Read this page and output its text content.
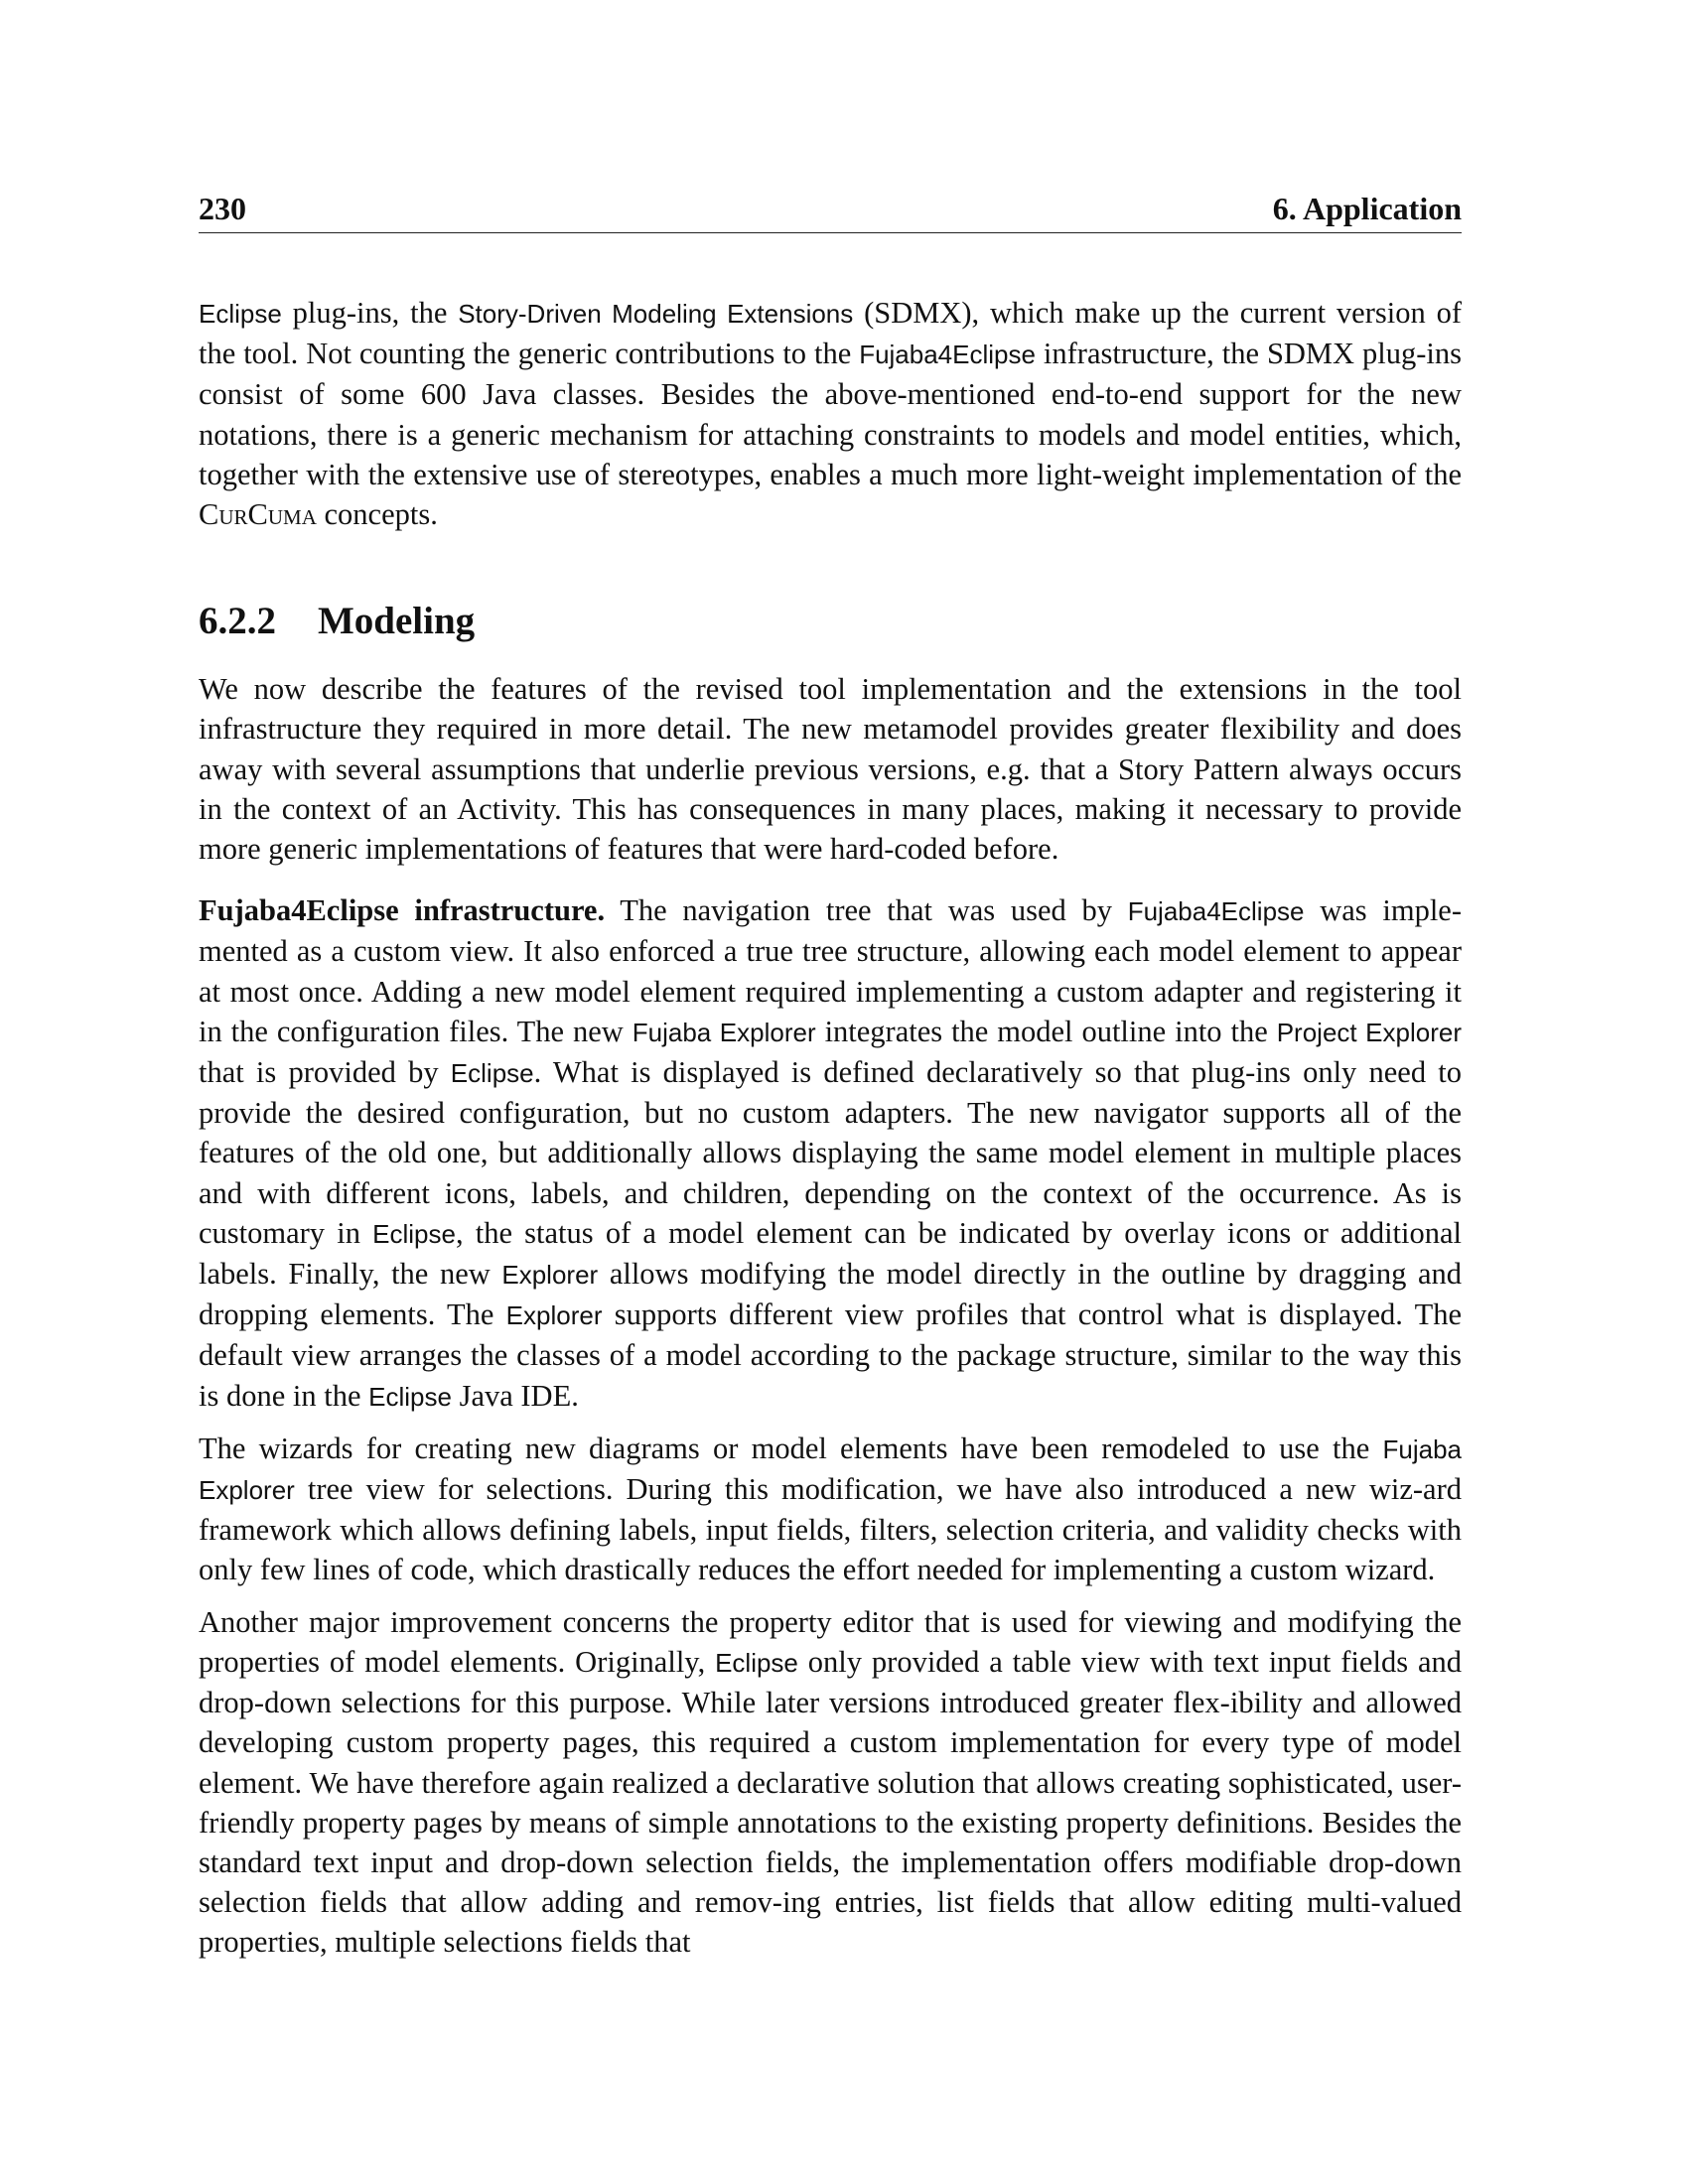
230	6. Application

Eclipse plug-ins, the Story-Driven Modeling Extensions (SDMX), which make up the current version of the tool. Not counting the generic contributions to the Fujaba4Eclipse infrastructure, the SDMX plug-ins consist of some 600 Java classes. Besides the above-mentioned end-to-end support for the new notations, there is a generic mechanism for attaching constraints to models and model entities, which, together with the extensive use of stereotypes, enables a much more light-weight implementation of the CurCuma concepts.

6.2.2 Modeling

We now describe the features of the revised tool implementation and the extensions in the tool infrastructure they required in more detail. The new metamodel provides greater flexibility and does away with several assumptions that underlie previous versions, e.g. that a Story Pattern always occurs in the context of an Activity. This has consequences in many places, making it necessary to provide more generic implementations of features that were hard-coded before.

Fujaba4Eclipse infrastructure. The navigation tree that was used by Fujaba4Eclipse was imple-mented as a custom view. It also enforced a true tree structure, allowing each model element to appear at most once. Adding a new model element required implementing a custom adapter and registering it in the configuration files. The new Fujaba Explorer integrates the model outline into the Project Explorer that is provided by Eclipse. What is displayed is defined declaratively so that plug-ins only need to provide the desired configuration, but no custom adapters. The new navigator supports all of the features of the old one, but additionally allows displaying the same model element in multiple places and with different icons, labels, and children, depending on the context of the occurrence. As is customary in Eclipse, the status of a model element can be indicated by overlay icons or additional labels. Finally, the new Explorer allows modifying the model directly in the outline by dragging and dropping elements. The Explorer supports different view profiles that control what is displayed. The default view arranges the classes of a model according to the package structure, similar to the way this is done in the Eclipse Java IDE.

The wizards for creating new diagrams or model elements have been remodeled to use the Fujaba Explorer tree view for selections. During this modification, we have also introduced a new wiz-ard framework which allows defining labels, input fields, filters, selection criteria, and validity checks with only few lines of code, which drastically reduces the effort needed for implementing a custom wizard.

Another major improvement concerns the property editor that is used for viewing and modifying the properties of model elements. Originally, Eclipse only provided a table view with text input fields and drop-down selections for this purpose. While later versions introduced greater flex-ibility and allowed developing custom property pages, this required a custom implementation for every type of model element. We have therefore again realized a declarative solution that allows creating sophisticated, user-friendly property pages by means of simple annotations to the existing property definitions. Besides the standard text input and drop-down selection fields, the implementation offers modifiable drop-down selection fields that allow adding and remov-ing entries, list fields that allow editing multi-valued properties, multiple selections fields that
